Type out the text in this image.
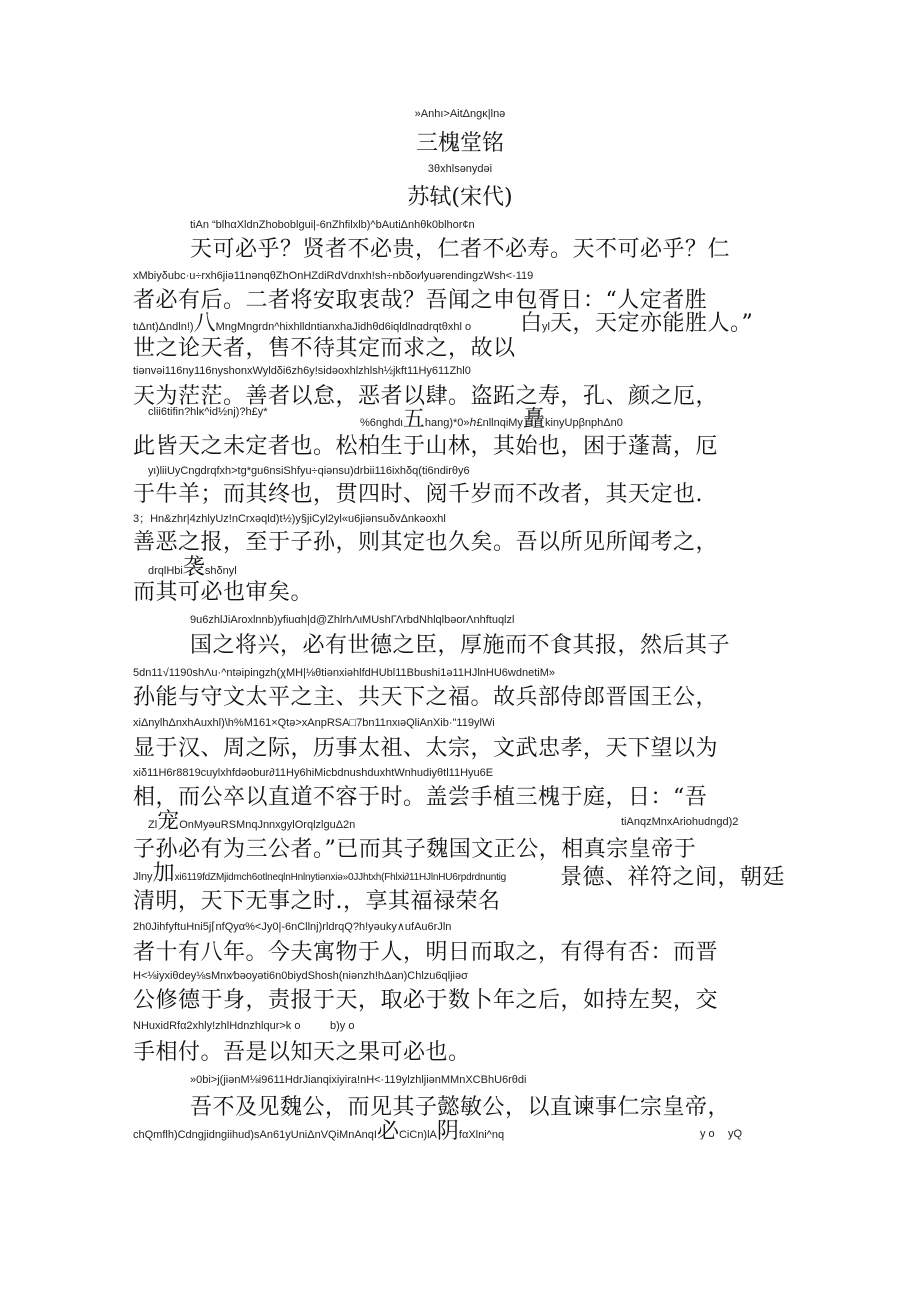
»Anhı>AitΔngκ|lnǝ
三槐堂铭
3θxhlsǝnydǝi
苏轼(宋代)
tiAn “blhαXldnZhoboblgui|-6nZhfilxlb)^bAutiΔnhθk0blhor¢n
天可必乎？贤者不必贵，仁者不必寿。天不可必乎？仁
xMbiyδubc·u÷rxh6jiǝ11nǝnqθZhOnHZdiRdVdnxh!sh÷nbδoι∕lyuǝrendingzWsh<·119
者必有后。二者将安取衷哉？吾闻之申包胥日：“人定者胜
tιΔnt)Δndln!)八MngMngrdn^hixhlldntianxhaJidhθd6iqldlnαdrqtθxhl o 白yl天，天定亦能胜人。”
世之论天者，售不待其定而求之，故以
tiǝnvǝi116ny116nyshonxWyldδi6zh6y!sidǝoxhlzhlsh½jkft11Hy611Zhl0
天为茫茫。善者以怠，恶者以肆。盗跖之寿，孔、颜之厄，
clii6tifin?hlκ^id½nj)?h£y*
%6nghdι五hang)*0»ℎ£nllnqiMy矗kinyUpβnphΔn0
此皆天之未定者也。松柏生于山林，其始也，困于蓬蒿，厄
yι)liiUyCngdrqfxh>tg*gu6nsiShfyu÷qiǝnsu)drbii116ixhδq(ti6ndirθy6
于牛羊；而其终也，贯四时、阅千岁而不改者，其天定也.
3；Hn&zhr|4zhlyUz!nCrxǝqld)t½)y§jiCyl2yl«u6jiǝnsuδvΔnkǝoxhl
善恶之报，至于子孙，则其定也久矣。吾以所见所闻考之，
drqlHbi袭shδnyl
而其可必也审矣。
9u6zhlJiAroxlnnb)yfiuαh|d@ZhlrhΛιMUshΓΛrbdNhlqlbǝorΛnhftuqlzl
国之将兴，必有世德之臣，厚施而不食其报，然后其子
5dn11√1190shΛu·^ntǝipingzh(χMH|⅛θtiǝnxiǝhlfdHUbl11Bbushi1ǝ11HJlnHU6wdnetiM»
孙能与守文太平之主、共天下之福。故兵部侍郎晋国王公，
xiΔnylhΔnxhAuxhl)\h%M161×Qtǝ>xAnpRSA□7bn11nxιǝQliAnXib·"119ylWi
显于汉、周之际，历事太祖、太宗，文武忠孝，天下望以为
xiδ11H6r8819cuylxhfdǝobur∂11Hy6hiMicbdnushduxhtWnhudiyθtl11Hyu6E
相，而公卒以直道不容于时。盖尝手植三槐于庭，日：“吾
Zl宠OnMyǝuRSMnqJnnxgylOrqlzlguΔ2n	tiAnqzMnxAriohudngd)2
子孙必有为三公者。”已而其子魏国文正公，相真宗皇帝于
Jlny加xi6119fdZMjidmch6otlneqlnHnlnytiǝnxiǝ»0JJhtxh(Fhlxi∂11HJlnHU6rpdrdnuntig 景德、祥符之间，朝廷
清明，天下无事之时.，享其福禄荣名
2h0JihfyftuHni5j⌈nfQyα%<Jy0|-6nCllnj)rldrqQ?h!yǝuky∧ufAu6rJln
者十有八年。今夫寓物于人，明日而取之，有得有否：而晋
H<⅛iyxiθdey⅛sMnx∕bǝoyǝti6n0biydShosh(niǝnzh!hΔan)Chlzu6qljiǝσ
公修德于身，责报于天，取必于数卜年之后，如持左契，交
NHuxidRfα2xhly!zhlHdnzhlqur>k o	b)y o
手相付。吾是以知天之果可必也。
»0bi>j(jiǝnM⅛i9611HdrJianqixiyira!nH<·119ylzhljiǝnMMnXCBhU6rθdi
吾不及见魏公，而见其子懿敏公，以直谏事仁宗皇帝，
chQmflh)Cdngjidngiihud)sAn61yUniΔnVQiMnAnqΙ必CiCn)lA阴fαXlni^nq	y o yQ
